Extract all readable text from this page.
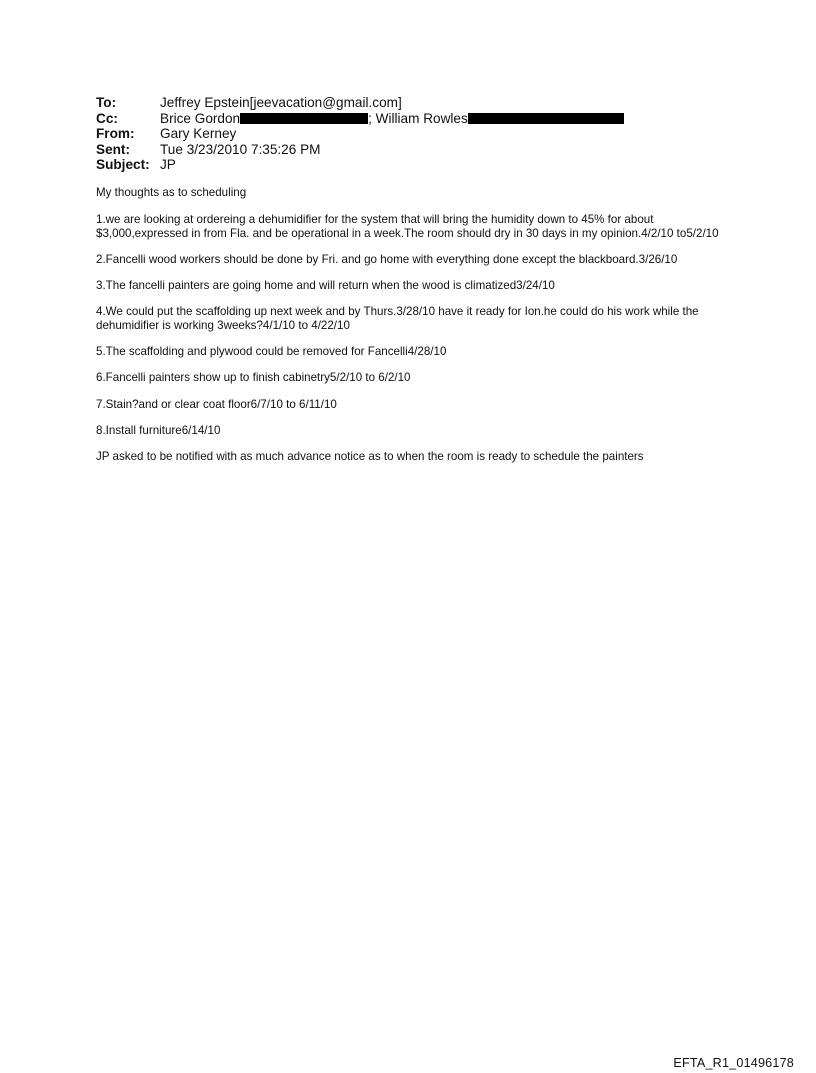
To:	Jeffrey Epstein[jeevacation@gmail.com]
Cc:	Brice Gordon	; William Rowles
From: Gary Kerney
Sent: Tue 3/23/2010 7:35:26 PM
Subject: JP

My thoughts as to scheduling

1.we are looking at ordereing a dehumidifier for the system that will bring the humidity down to 45% for about $3,000,expressed in from Fla. and be operational in a week.The room should dry in 30 days in my opinion.4/2/10 to5/2/10

2.Fancelli wood workers should be done by Fri. and go home with everything done except the blackboard.3/26/10

3.The fancelli painters are going home and will return when the wood is climatized3/24/10

4.We could put the scaffolding up next week and by Thurs.3/28/10 have it ready for Ion.he could do his work while the dehumidifier is working 3weeks?4/1/10 to 4/22/10

5.The scaffolding and plywood could be removed for Fancelli4/28/10

6.Fancelli painters show up to finish cabinetry5/2/10 to 6/2/10

7.Stain?and or clear coat floor6/7/10 to 6/11/10

8.Install furniture6/14/10

JP asked to be notified with as much advance notice as to when the room is ready to schedule the painters

EFTA_R1_01496178
